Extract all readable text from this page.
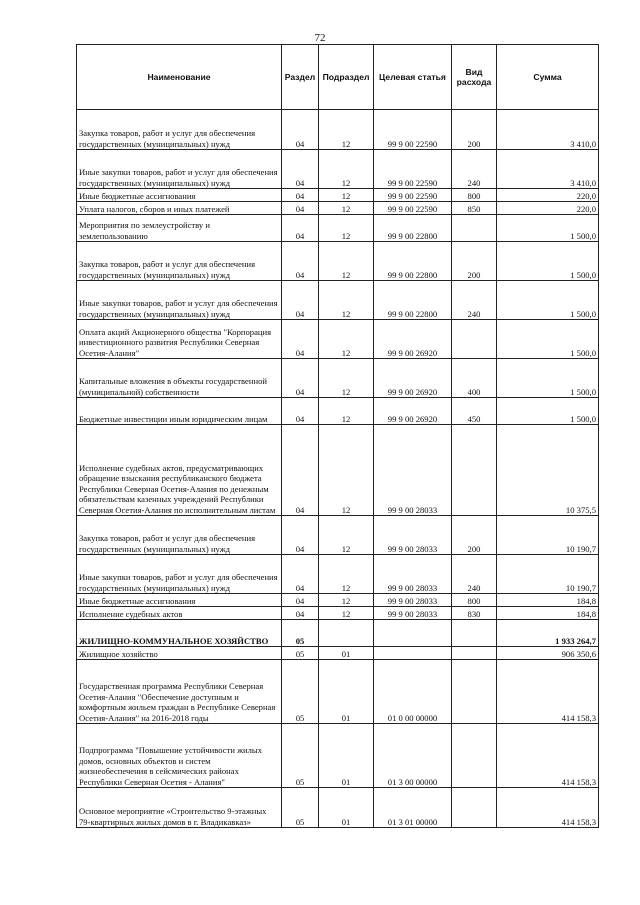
72
Наименование	Раздел	Подраздел	Целевая статья	Вид расхода	Сумма
Закупка товаров, работ и услуг для обеспечения государственных (муниципальных) нужд	04	12	99 9 00 22590	200	3 410,0
Иные закупки товаров, работ и услуг для обеспечения государственных (муниципальных) нужд	04	12	99 9 00 22590	240	3 410,0
Иные бюджетные ассигнования	04	12	99 9 00 22590	800	220,0
Уплата налогов, сборов и иных платежей	04	12	99 9 00 22590	850	220,0
Мероприятия по землеустройству и землепользованию	04	12	99 9 00 22800		1 500,0
Закупка товаров, работ и услуг для обеспечения государственных (муниципальных) нужд	04	12	99 9 00 22800	200	1 500,0
Иные закупки товаров, работ и услуг для обеспечения государственных (муниципальных) нужд	04	12	99 9 00 22800	240	1 500,0
Оплата акций Акционерного общества "Корпорация инвестиционного развития Республики Северная Осетия-Алания"	04	12	99 9 00 26920		1 500,0
Капитальные вложения в объекты государственной (муниципальной) собственности	04	12	99 9 00 26920	400	1 500,0
Бюджетные инвестиции иным юридическим лицам	04	12	99 9 00 26920	450	1 500,0
Исполнение судебных актов, предусматривающих обращение взыскания республиканского бюджета Республики Северная Осетия-Алания по денежным обязательствам казенных учреждений Республики Северная Осетия-Алания по исполнительным листам	04	12	99 9 00 28033		10 375,5
Закупка товаров, работ и услуг для обеспечения государственных (муниципальных) нужд	04	12	99 9 00 28033	200	10 190,7
Иные закупки товаров, работ и услуг для обеспечения государственных (муниципальных) нужд	04	12	99 9 00 28033	240	10 190,7
Иные бюджетные ассигнования	04	12	99 9 00 28033	800	184,8
Исполнение судебных актов	04	12	99 9 00 28033	830	184,8
ЖИЛИЩНО-КОММУНАЛЬНОЕ ХОЗЯЙСТВО	05				1 933 264,7
Жилищное хозяйство	05	01			906 350,6
Государственная программа Республики Северная Осетия-Алания "Обеспечение доступным и комфортным жильем граждан в Республике Северная Осетия-Алания" на 2016-2018 годы	05	01	01 0 00 00000		414 158,3
Подпрограмма "Повышение устойчивости жилых домов, основных объектов и систем жизнеобеспечения в сейсмических районах Республики Северная Осетия - Алания"	05	01	01 3 00 00000		414 158,3
Основное мероприятие «Строительство 9-этажных 79-квартирных жилых домов в г. Владикавказ»	05	01	01 3 01 00000		414 158,3
